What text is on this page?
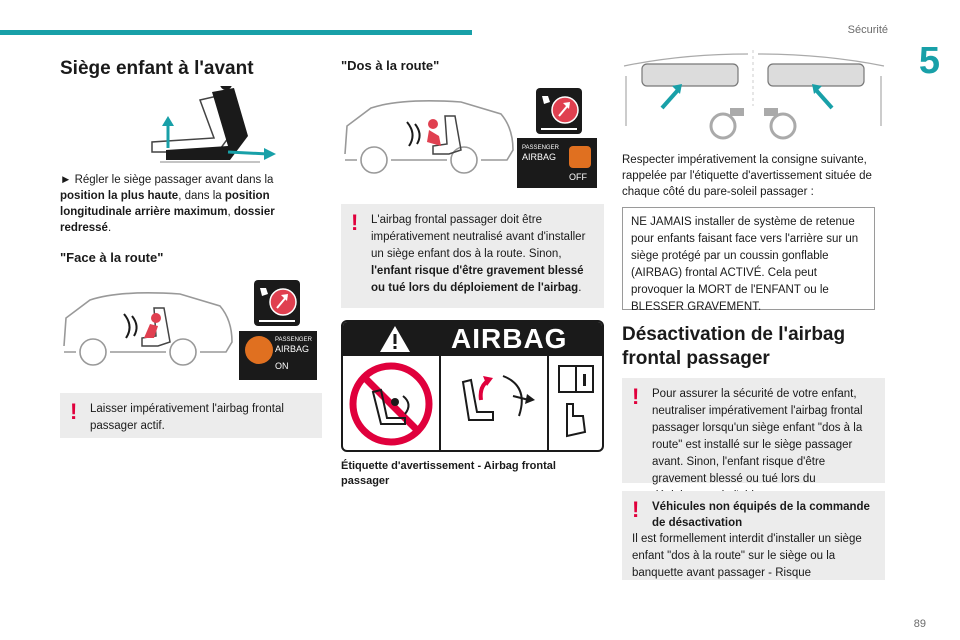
Sécurité
5
Siège enfant à l'avant

► Régler le siège passager avant dans la position la plus haute, dans la position longitudinale arrière maximum, dossier redressé.

"Face à la route"
PASSENGER
AIRBAG
ON
! Laisser impérativement l'airbag frontal passager actif.
"Dos à la route"
PASSENGER
AIRBAG
OFF
! L'airbag frontal passager doit être impérativement neutralisé avant d'installer un siège enfant dos à la route. Sinon, l'enfant risque d'être gravement blessé ou tué lors du déploiement de l'airbag.
AIRBAG

Étiquette d'avertissement - Airbag frontal passager

Respecter impérativement la consigne suivante, rappelée par l'étiquette d'avertissement située de chaque côté du pare-soleil passager :

NE JAMAIS installer de système de retenue pour enfants faisant face vers l'arrière sur un siège protégé par un coussin gonflable (AIRBAG) frontal ACTIVÉ. Cela peut provoquer la MORT de l'ENFANT ou le BLESSER GRAVEMENT.
Désactivation de l'airbag frontal passager
! Pour assurer la sécurité de votre enfant, neutraliser impérativement l'airbag frontal passager lorsqu'un siège enfant "dos à la route" est installé sur le siège passager avant. Sinon, l'enfant risque d'être gravement blessé ou tué lors du
! Véhicules non équipés de la commande de désactivation
Il est formellement interdit d'installer un siège enfant "dos à la route" sur le siège ou la banquette avant passager - Risque
89
